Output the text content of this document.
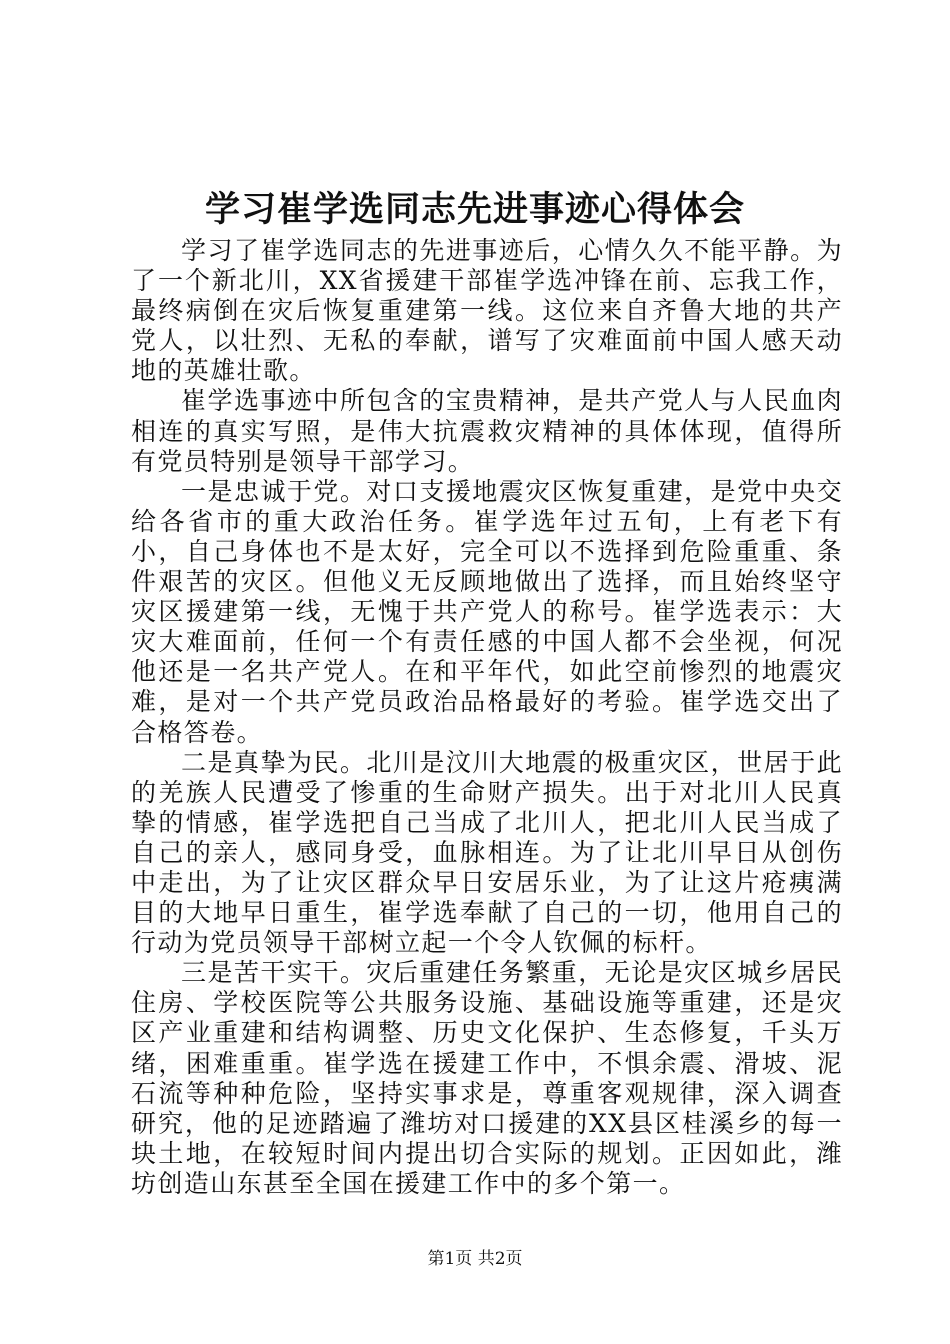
学习崔学选同志先进事迹心得体会

学习了崔学选同志的先进事迹后，心情久久不能平静。为了一个新北川，XX省援建干部崔学选冲锋在前、忘我工作，最终病倒在灾后恢复重建第一线。这位来自齐鲁大地的共产党人，以壮烈、无私的奉献，谱写了灾难面前中国人感天动地的英雄壮歌。

崔学选事迹中所包含的宝贵精神，是共产党人与人民血肉相连的真实写照，是伟大抗震救灾精神的具体体现，值得所有党员特别是领导干部学习。

一是忠诚于党。对口支援地震灾区恢复重建，是党中央交给各省市的重大政治任务。崔学选年过五旬，上有老下有小，自己身体也不是太好，完全可以不选择到危险重重、条件艰苦的灾区。但他义无反顾地做出了选择，而且始终坚守灾区援建第一线，无愧于共产党人的称号。崔学选表示：大灾大难面前，任何一个有责任感的中国人都不会坐视，何况他还是一名共产党人。在和平年代，如此空前惨烈的地震灾难，是对一个共产党员政治品格最好的考验。崔学选交出了合格答卷。

二是真挚为民。北川是汶川大地震的极重灾区，世居于此的羌族人民遭受了惨重的生命财产损失。出于对北川人民真挚的情感，崔学选把自己当成了北川人，把北川人民当成了自己的亲人，感同身受，血脉相连。为了让北川早日从创伤中走出，为了让灾区群众早日安居乐业，为了让这片疮痍满目的大地早日重生，崔学选奉献了自己的一切，他用自己的行动为党员领导干部树立起一个令人钦佩的标杆。

三是苦干实干。灾后重建任务繁重，无论是灾区城乡居民住房、学校医院等公共服务设施、基础设施等重建，还是灾区产业重建和结构调整、历史文化保护、生态修复，千头万绪，困难重重。崔学选在援建工作中，不惧余震、滑坡、泥石流等种种危险，坚持实事求是，尊重客观规律，深入调查研究，他的足迹踏遍了潍坊对口援建的XX县区桂溪乡的每一块土地，在较短时间内提出切合实际的规划。正因如此，潍坊创造山东甚至全国在援建工作中的多个第一。

第1页 共2页
